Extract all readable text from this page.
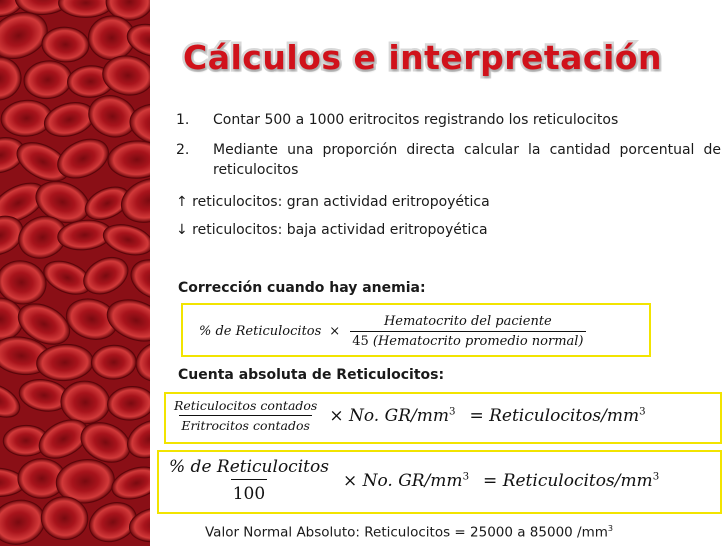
Cálculos e interpretación
1.	Contar 500 a 1000 eritrocitos registrando los reticulocitos
2.	Mediante una proporción directa calcular la cantidad porcentual de reticulocitos
↑ reticulocitos: gran actividad eritropoyética
↓ reticulocitos: baja actividad eritropoyética
Corrección cuando hay anemia:
% de Reticulocitos × $\frac{\text{Hematocrito del paciente}}{\text{45 (Hematocrito promedio normal)}}$
Cuenta absoluta de Reticulocitos:
$\frac{\text{Reticulocitos contados}}{\text{Eritrocitos contados}} \times No$. $GR/mm^3$ = Reticulocitos/$mm^3$
$\frac{\text{\% de Reticulocitos}}{100} \times No$. $GR/mm^3$ = Reticulocitos/$mm^3$
Valor Normal Absoluto: Reticulocitos = 25000 a 85000 $/mm^3$
